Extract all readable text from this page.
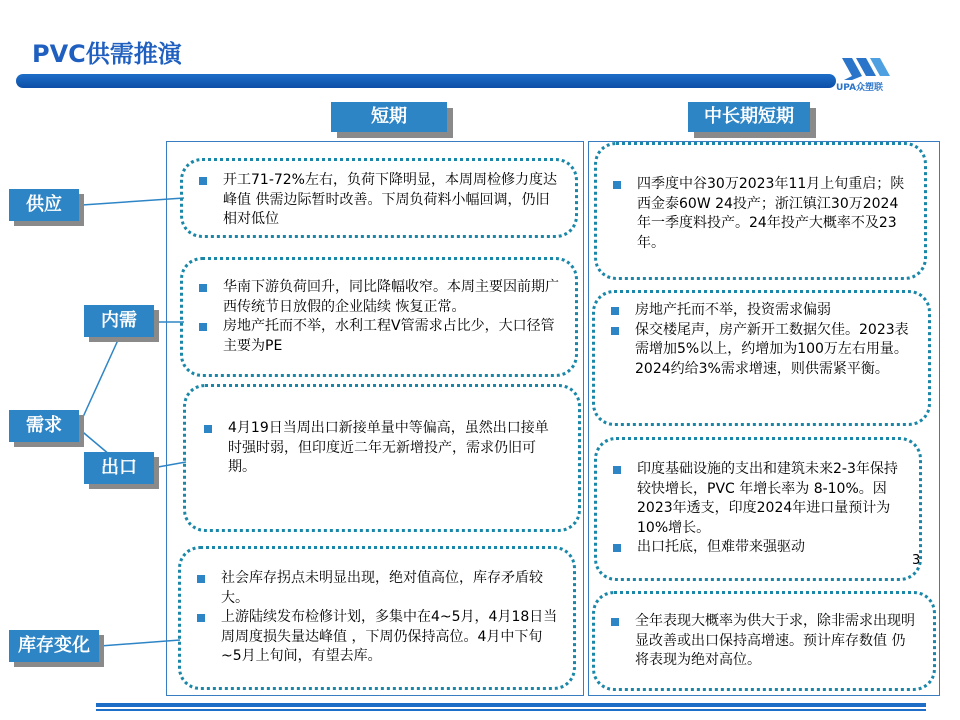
PVC供需推演
UPA众塑联
短期	中长期短期
供应
内需
需求
出口
库存变化
开工71-72%左右，负荷下降明显，本周周检修力度达峰值 供需边际暂时改善。下周负荷料小幅回调，仍旧相对低位
华南下游负荷回升，同比降幅收窄。本周主要因前期广西传统节日放假的企业陆续 恢复正常。
房地产托而不举，水利工程V管需求占比少，大口径管主要为PE
4月19日当周出口新接单量中等偏高，虽然出口接单时强时弱，但印度近二年无新增投产，需求仍旧可期。
社会库存拐点未明显出现，绝对值高位，库存矛盾较大。
上游陆续发布检修计划，多集中在4~5月，4月18日当周周度损失量达峰值 ，下周仍保持高位。4月中下旬~5月上旬间，有望去库。
四季度中谷30万2023年11月上旬重启；陕西金泰60W 24投产；浙江镇江30万2024年一季度料投产。24年投产大概率不及23年。
房地产托而不举，投资需求偏弱
保交楼尾声，房产新开工数据欠佳。2023表需增加5%以上，约增加为100万左右用量。2024约给3%需求增速，则供需紧平衡。
印度基础设施的支出和建筑未来2-3年保持较快增长，PVC 年增长率为 8-10%。因2023年透支，印度2024年进口量预计为10%增长。
出口托底，但难带来强驱动
全年表现大概率为供大于求，除非需求出现明显改善或出口保持高增速。预计库存数值 仍将表现为绝对高位。
3
